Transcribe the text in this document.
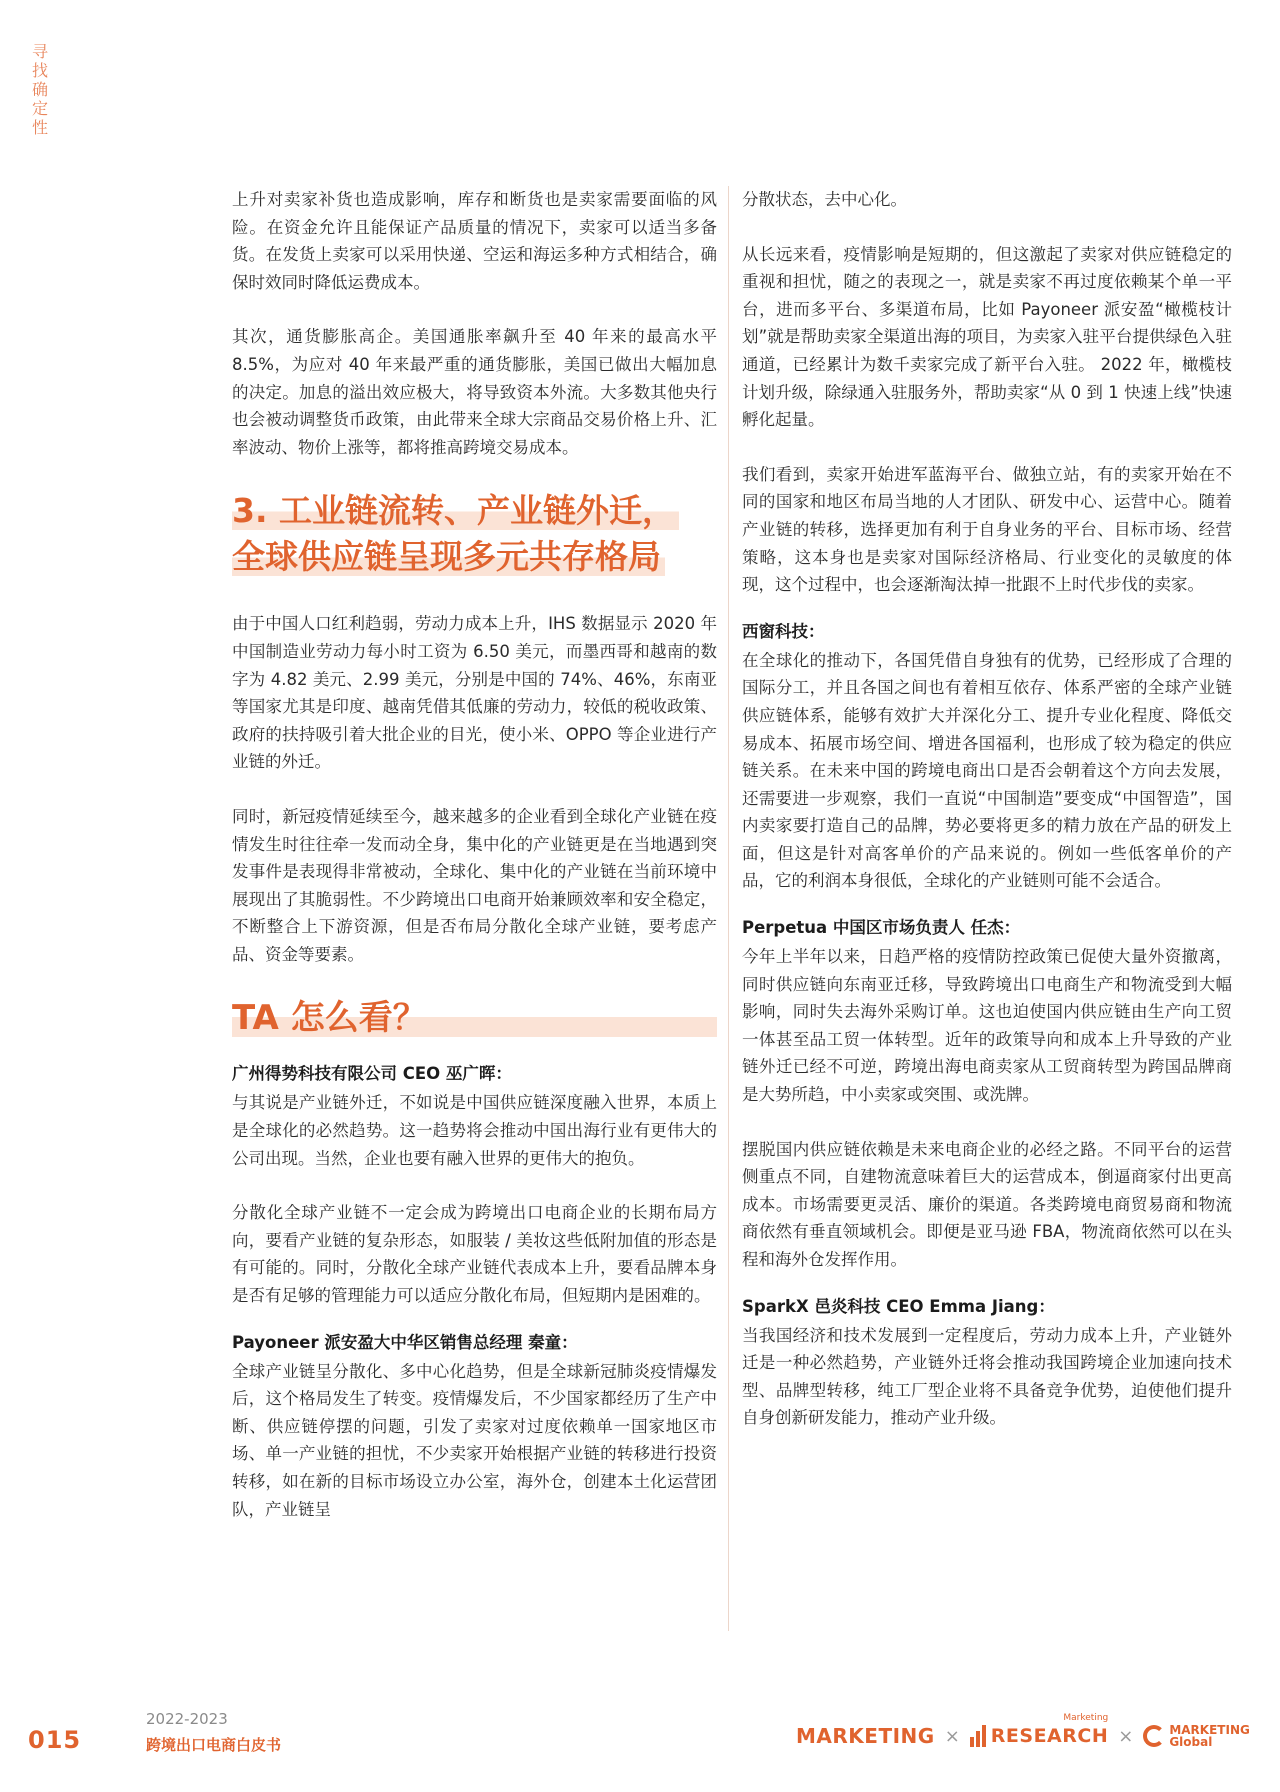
寻找确定性

上升对卖家补货也造成影响，库存和断货也是卖家需要面临的风险。在资金允许且能保证产品质量的情况下，卖家可以适当多备货。在发货上卖家可以采用快递、空运和海运多种方式相结合，确保时效同时降低运费成本。

其次，通货膨胀高企。美国通胀率飙升至 40 年来的最高水平 8.5%，为应对 40 年来最严重的通货膨胀，美国已做出大幅加息的决定。加息的溢出效应极大，将导致资本外流。大多数其他央行也会被动调整货币政策，由此带来全球大宗商品交易价格上升、汇率波动、物价上涨等，都将推高跨境交易成本。

3. 工业链流转、产业链外迁，
全球供应链呈现多元共存格局

由于中国人口红利趋弱，劳动力成本上升，IHS 数据显示 2020 年中国制造业劳动力每小时工资为 6.50 美元，而墨西哥和越南的数字为 4.82 美元、2.99 美元，分别是中国的 74%、46%，东南亚等国家尤其是印度、越南凭借其低廉的劳动力，较低的税收政策、政府的扶持吸引着大批企业的目光，使小米、OPPO 等企业进行产业链的外迁。

同时，新冠疫情延续至今，越来越多的企业看到全球化产业链在疫情发生时往往牵一发而动全身，集中化的产业链更是在当地遇到突发事件是表现得非常被动，全球化、集中化的产业链在当前环境中展现出了其脆弱性。不少跨境出口电商开始兼顾效率和安全稳定，不断整合上下游资源，但是否布局分散化全球产业链，要考虑产品、资金等要素。

TA 怎么看？
广州得势科技有限公司 CEO 巫广晖：

与其说是产业链外迁，不如说是中国供应链深度融入世界，本质上是全球化的必然趋势。这一趋势将会推动中国出海行业有更伟大的公司出现。当然，企业也要有融入世界的更伟大的抱负。

分散化全球产业链不一定会成为跨境出口电商企业的长期布局方向，要看产业链的复杂形态，如服装 / 美妆这些低附加值的形态是有可能的。同时，分散化全球产业链代表成本上升，要看品牌本身是否有足够的管理能力可以适应分散化布局，但短期内是困难的。

Payoneer 派安盈大中华区销售总经理 秦童：

全球产业链呈分散化、多中心化趋势，但是全球新冠肺炎疫情爆发后，这个格局发生了转变。疫情爆发后，不少国家都经历了生产中断、供应链停摆的问题，引发了卖家对过度依赖单一国家地区市场、单一产业链的担忧，不少卖家开始根据产业链的转移进行投资转移，如在新的目标市场设立办公室，海外仓，创建本土化运营团队，产业链呈

分散状态，去中心化。

从长远来看，疫情影响是短期的，但这激起了卖家对供应链稳定的重视和担忧，随之的表现之一，就是卖家不再过度依赖某个单一平台，进而多平台、多渠道布局，比如 Payoneer 派安盈“橄榄枝计划”就是帮助卖家全渠道出海的项目，为卖家入驻平台提供绿色入驻通道，已经累计为数千卖家完成了新平台入驻。 2022 年，橄榄枝计划升级，除绿通入驻服务外，帮助卖家“从 0 到 1 快速上线”快速孵化起量。

我们看到，卖家开始进军蓝海平台、做独立站，有的卖家开始在不同的国家和地区布局当地的人才团队、研发中心、运营中心。随着产业链的转移，选择更加有利于自身业务的平台、目标市场、经营策略，这本身也是卖家对国际经济格局、行业变化的灵敏度的体现，这个过程中，也会逐渐淘汰掉一批跟不上时代步伐的卖家。

西窗科技：

在全球化的推动下，各国凭借自身独有的优势，已经形成了合理的国际分工，并且各国之间也有着相互依存、体系严密的全球产业链供应链体系，能够有效扩大并深化分工、提升专业化程度、降低交易成本、拓展市场空间、增进各国福利，也形成了较为稳定的供应链关系。在未来中国的跨境电商出口是否会朝着这个方向去发展，还需要进一步观察，我们一直说“中国制造”要变成“中国智造”，国内卖家要打造自己的品牌，势必要将更多的精力放在产品的研发上面，但这是针对高客单价的产品来说的。例如一些低客单价的产品，它的利润本身很低，全球化的产业链则可能不会适合。

Perpetua 中国区市场负责人 任杰：

今年上半年以来，日趋严格的疫情防控政策已促使大量外资撤离，同时供应链向东南亚迁移，导致跨境出口电商生产和物流受到大幅影响，同时失去海外采购订单。这也迫使国内供应链由生产向工贸一体甚至品工贸一体转型。近年的政策导向和成本上升导致的产业链外迁已经不可逆，跨境出海电商卖家从工贸商转型为跨国品牌商是大势所趋，中小卖家或突围、或洗牌。

摆脱国内供应链依赖是未来电商企业的必经之路。不同平台的运营侧重点不同，自建物流意味着巨大的运营成本，倒逼商家付出更高成本。市场需要更灵活、廉价的渠道。各类跨境电商贸易商和物流商依然有垂直领域机会。即便是亚马逊 FBA，物流商依然可以在头程和海外仓发挥作用。

SparkX 邑炎科技 CEO Emma Jiang：

当我国经济和技术发展到一定程度后，劳动力成本上升，产业链外迁是一种必然趋势，产业链外迁将会推动我国跨境企业加速向技术型、品牌型转移，纯工厂型企业将不具备竞争优势，迫使他们提升自身创新研发能力，推动产业升级。

015
2022-2023
跨境出口电商白皮书	MARKETING × RESEARCH
Marketing
×	MARKETING
Global
